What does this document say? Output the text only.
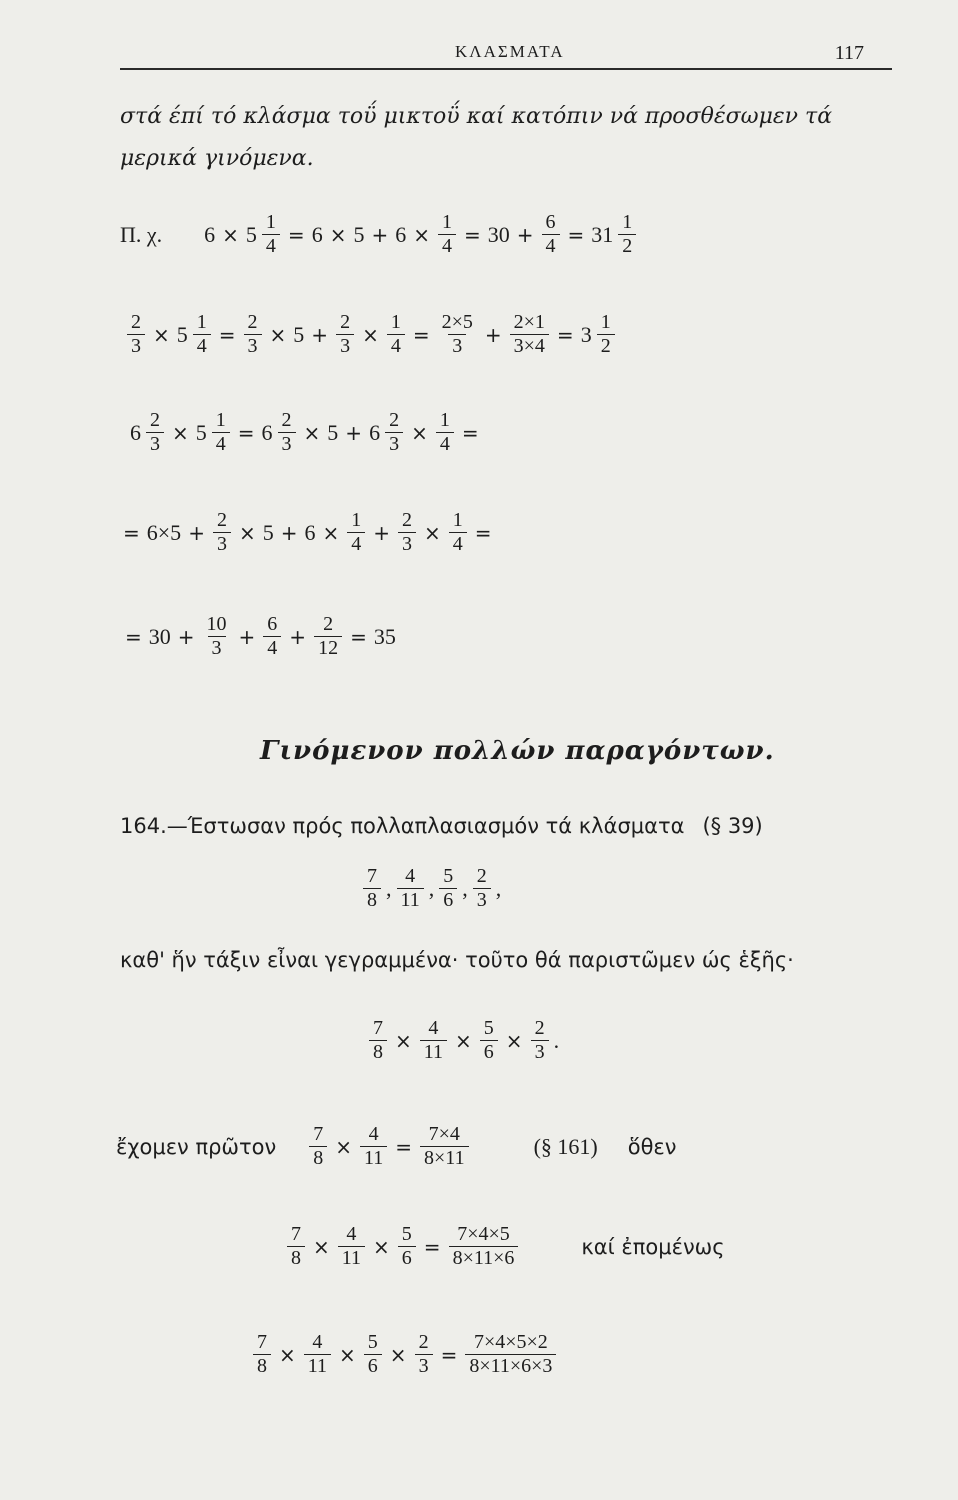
ΚΛΑΣΜΑΤΑ	117
στά έπί τό κλάσμα τοΰ μικτοΰ καί κατόπιν νά προσθέσωμεν τά
μερικά γινόμενα.
Π. χ. $6 \times 5 \frac{1}{4} = 6 \times 5 + 6 \times \frac{1}{4} = 30 + \frac{6}{4} = 31 \frac{1}{2}$
$\frac{2}{3} \times 5 \frac{1}{4} = \frac{2}{3} \times 5 + \frac{2}{3} \times \frac{1}{4} = \frac{2\times 5}{3} + \frac{2\times 1}{3\times 4} = 3 \frac{1}{2}$
$6 \frac{2}{3} \times 5 \frac{1}{4} = 6 \frac{2}{3} \times 5 + 6 \frac{2}{3} \times \frac{1}{4}$ =
= $6\times 5 + \frac{2}{3} \times 5 + 6 \times \frac{1}{4} + \frac{2}{3} \times \frac{1}{4}$ =
= $30 + \frac{10}{3} + \frac{6}{4} + \frac{2}{12} = 35$
Γινόμενον πολλών παραγόντων.
164. —Έστωσαν πρός πολλαπλασιασμόν τά κλάσματα (§ 39)
$\frac{7}{8}$ , $\frac{4}{11}$ , $\frac{5}{6}$ , $\frac{2}{3}$ ,
καθ' ἥν τάξιν εἶναι γεγραμμένα· τοῦτο θά παριστῶμεν ώς ἑξῆς·
$\frac{7}{8} \times \frac{4}{11} \times \frac{5}{6} \times \frac{2}{3}$ .
ἔχομεν πρῶτον $\frac{7}{8} \times \frac{4}{11} = \frac{7\times 4}{8\times 11}$	(§ 161) ὅθεν
$\frac{7}{8} \times \frac{4}{11} \times \frac{5}{6} = \frac{7\times 4\times 5}{8\times 11\times 6}$	καί ἐπομένως
$\frac{7}{8} \times \frac{4}{11} \times \frac{5}{6} \times \frac{2}{3} = \frac{7\times 4\times 5\times 2}{8\times 11\times 6\times 3}$
